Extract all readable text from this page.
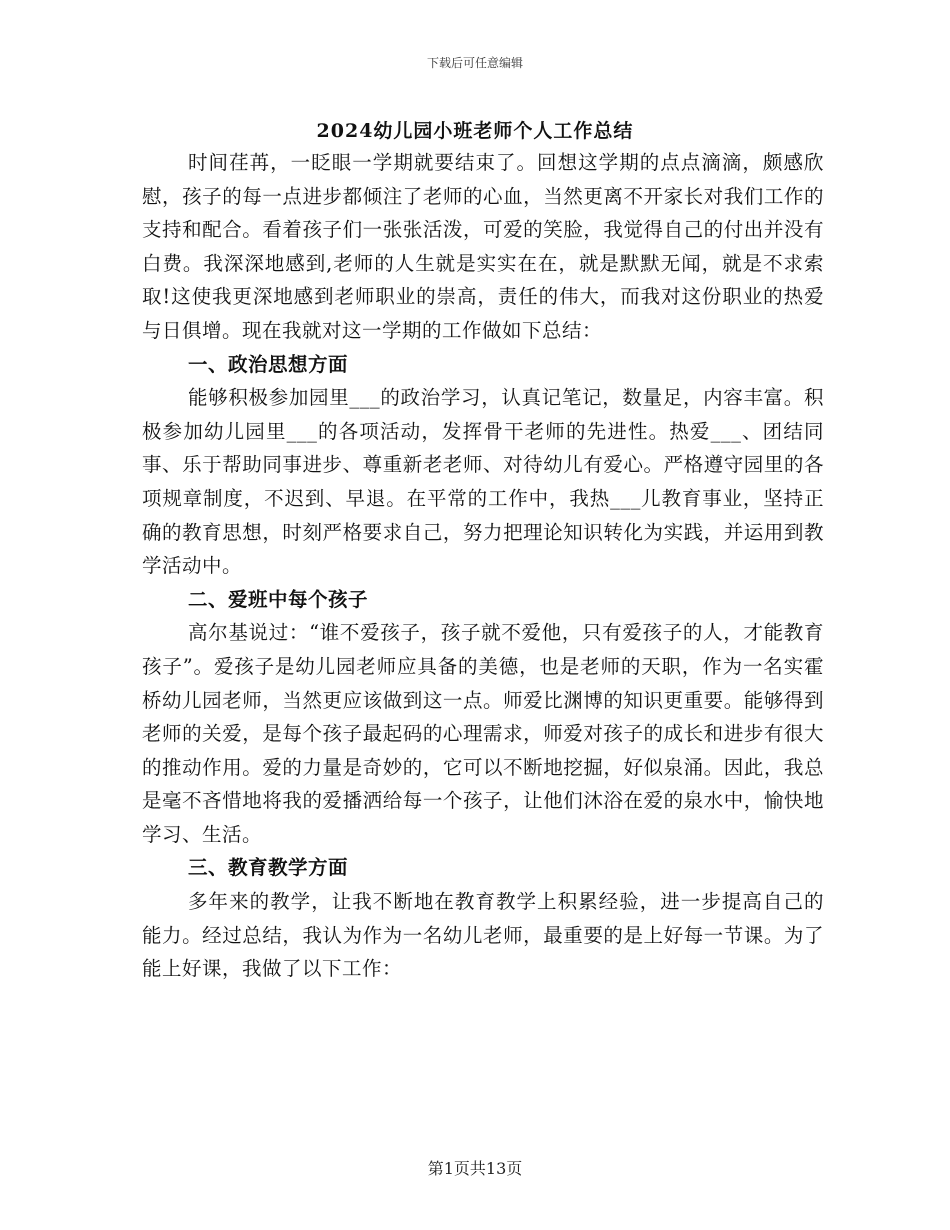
下载后可任意编辑
2024幼儿园小班老师个人工作总结

时间荏苒，一眨眼一学期就要结束了。回想这学期的点点滴滴，颇感欣慰，孩子的每一点进步都倾注了老师的心血，当然更离不开家长对我们工作的支持和配合。看着孩子们一张张活泼，可爱的笑脸，我觉得自己的付出并没有白费。我深深地感到,老师的人生就是实实在在，就是默默无闻，就是不求索取!这使我更深地感到老师职业的崇高，责任的伟大，而我对这份职业的热爱与日俱增。现在我就对这一学期的工作做如下总结：

一、政治思想方面

能够积极参加园里___的政治学习，认真记笔记，数量足，内容丰富。积极参加幼儿园里___的各项活动，发挥骨干老师的先进性。热爱___、团结同事、乐于帮助同事进步、尊重新老老师、对待幼儿有爱心。严格遵守园里的各项规章制度，不迟到、早退。在平常的工作中，我热___儿教育事业，坚持正确的教育思想，时刻严格要求自己，努力把理论知识转化为实践，并运用到教学活动中。

二、爱班中每个孩子

高尔基说过：“谁不爱孩子，孩子就不爱他，只有爱孩子的人，才能教育孩子”。爱孩子是幼儿园老师应具备的美德，也是老师的天职，作为一名实霍桥幼儿园老师，当然更应该做到这一点。师爱比渊博的知识更重要。能够得到老师的关爱，是每个孩子最起码的心理需求，师爱对孩子的成长和进步有很大的推动作用。爱的力量是奇妙的，它可以不断地挖掘，好似泉涌。因此，我总是毫不吝惜地将我的爱播洒给每一个孩子，让他们沐浴在爱的泉水中，愉快地学习、生活。

三、教育教学方面

多年来的教学，让我不断地在教育教学上积累经验，进一步提高自己的能力。经过总结，我认为作为一名幼儿老师，最重要的是上好每一节课。为了能上好课，我做了以下工作：

第1页共13页
